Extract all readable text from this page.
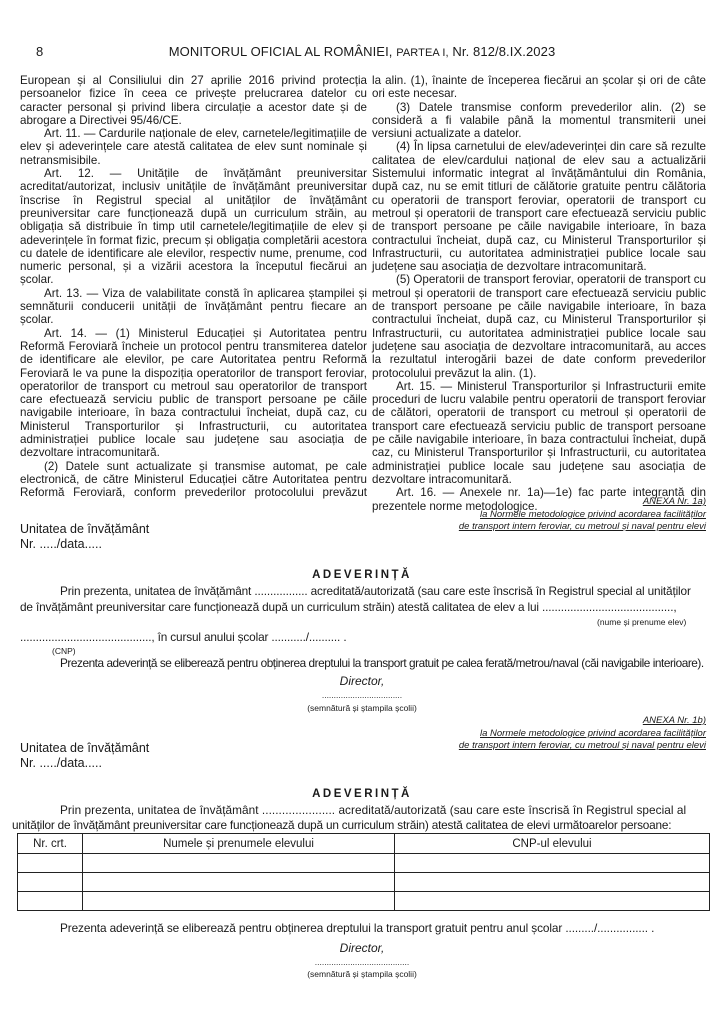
8	MONITORUL OFICIAL AL ROMÂNIEI, PARTEA I, Nr. 812/8.IX.2023

European și al Consiliului din 27 aprilie 2016 privind protecția persoanelor fizice în ceea ce privește prelucrarea datelor cu caracter personal și privind libera circulație a acestor date și de abrogare a Directivei 95/46/CE.

Art. 11. — Cardurile naționale de elev, carnetele/legitimațiile de elev și adeverințele care atestă calitatea de elev sunt nominale și netransmisibile.

Art. 12. — Unitățile de învățământ preuniversitar acreditat/autorizat, inclusiv unitățile de învățământ preuniversitar înscrise în Registrul special al unităților de învățământ preuniversitar care funcționează după un curriculum străin, au obligația să distribuie în timp util carnetele/legitimațiile de elev și adeverințele în format fizic, precum și obligația completării acestora cu datele de identificare ale elevilor, respectiv nume, prenume, cod numeric personal, și a vizării acestora la începutul fiecărui an școlar.

Art. 13. — Viza de valabilitate constă în aplicarea ștampilei și semnăturii conducerii unității de învățământ pentru fiecare an școlar.

Art. 14. — (1) Ministerul Educației și Autoritatea pentru Reformă Feroviară încheie un protocol pentru transmiterea datelor de identificare ale elevilor, pe care Autoritatea pentru Reformă Feroviară le va pune la dispoziția operatorilor de transport feroviar, operatorilor de transport cu metroul sau operatorilor de transport care efectuează serviciu public de transport persoane pe căile navigabile interioare, în baza contractului încheiat, după caz, cu Ministerul Transporturilor și Infrastructurii, cu autoritatea administrației publice locale sau județene sau asociația de dezvoltare intracomunitară.

(2) Datele sunt actualizate și transmise automat, pe cale electronică, de către Ministerul Educației către Autoritatea pentru Reformă Feroviară, conform prevederilor protocolului prevăzut

la alin. (1), înainte de începerea fiecărui an școlar și ori de câte ori este necesar.

(3) Datele transmise conform prevederilor alin. (2) se consideră a fi valabile până la momentul transmiterii unei versiuni actualizate a datelor.

(4) În lipsa carnetului de elev/adeverinței din care să rezulte calitatea de elev/cardului național de elev sau a actualizării Sistemului informatic integrat al învățământului din România, după caz, nu se emit titluri de călătorie gratuite pentru călătoria cu operatorii de transport feroviar, operatorii de transport cu metroul și operatorii de transport care efectuează serviciu public de transport persoane pe căile navigabile interioare, în baza contractului încheiat, după caz, cu Ministerul Transporturilor și Infrastructurii, cu autoritatea administrației publice locale sau județene sau asociația de dezvoltare intracomunitară.

(5) Operatorii de transport feroviar, operatorii de transport cu metroul și operatorii de transport care efectuează serviciu public de transport persoane pe căile navigabile interioare, în baza contractului încheiat, după caz, cu Ministerul Transporturilor și Infrastructurii, cu autoritatea administrației publice locale sau județene sau asociația de dezvoltare intracomunitară, au acces la rezultatul interogării bazei de date conform prevederilor protocolului prevăzut la alin. (1).

Art. 15. — Ministerul Transporturilor și Infrastructurii emite proceduri de lucru valabile pentru operatorii de transport feroviar de călători, operatorii de transport cu metroul și operatorii de transport care efectuează serviciu public de transport persoane pe căile navigabile interioare, în baza contractului încheiat, după caz, cu Ministerul Transporturilor și Infrastructurii, cu autoritatea administrației publice locale sau județene sau asociația de dezvoltare intracomunitară.

Art. 16. — Anexele nr. 1a)—1e) fac parte integrantă din prezentele norme metodologice.	ANEXA Nr. 1a)
la Normele metodologice privind acordarea facilităților
de transport intern feroviar, cu metroul și naval pentru elevi
Unitatea de învățământ
Nr. ...../data.....
ADEVERINȚĂ
Prin prezenta, unitatea de învățământ ................. acreditată/autorizată (sau care este înscrisă în Registrul special al unităților
de învățământ preuniversitar care funcționează după un curriculum străin) atestă calitatea de elev a lui ..........................................,
(nume și prenume elev)
.........................................., în cursul anului școlar .........../.......... .
(CNP)
Prezenta adeverință se eliberează pentru obținerea dreptului la transport gratuit pe calea ferată/metrou/naval (căi navigabile interioare).
Director,
..................................
(semnătură și ștampila școlii)
ANEXA Nr. 1b)
la Normele metodologice privind acordarea facilităților
de transport intern feroviar, cu metroul și naval pentru elevi
Unitatea de învățământ
Nr. ...../data.....
ADEVERINȚĂ
Prin prezenta, unitatea de învățământ ...................... acreditată/autorizată (sau care este înscrisă în Registrul special al
unităților de învățământ preuniversitar care funcționează după un curriculum străin) atestă calitatea de elevi următoarelor persoane:
Nr. crt.	Numele și prenumele elevului	CNP-ul elevului

Prezenta adeverință se eliberează pentru obținerea dreptului la transport gratuit pentru anul școlar ........./................ .
Director,
........................................
(semnătură și ștampila școlii)
